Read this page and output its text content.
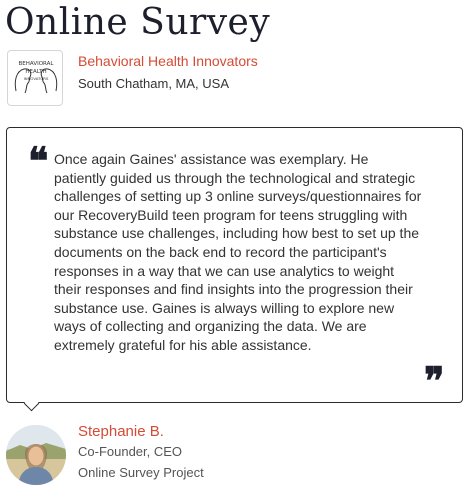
Online Survey
BEHAVIORAL
HEALTH
INNOVATORS
Behavioral Health Innovators
South Chatham, MA, USA
❝ Once again Gaines' assistance was exemplary. He patiently guided us through the technological and strategic challenges of setting up 3 online surveys/questionnaires for our RecoveryBuild teen program for teens struggling with substance use challenges, including how best to set up the documents on the back end to record the participant's responses in a way that we can use analytics to weight their responses and find insights into the progression their substance use. Gaines is always willing to explore new ways of collecting and organizing the data. We are extremely grateful for his able assistance.

❞
Stephanie B.
Co-Founder, CEO
Online Survey Project
